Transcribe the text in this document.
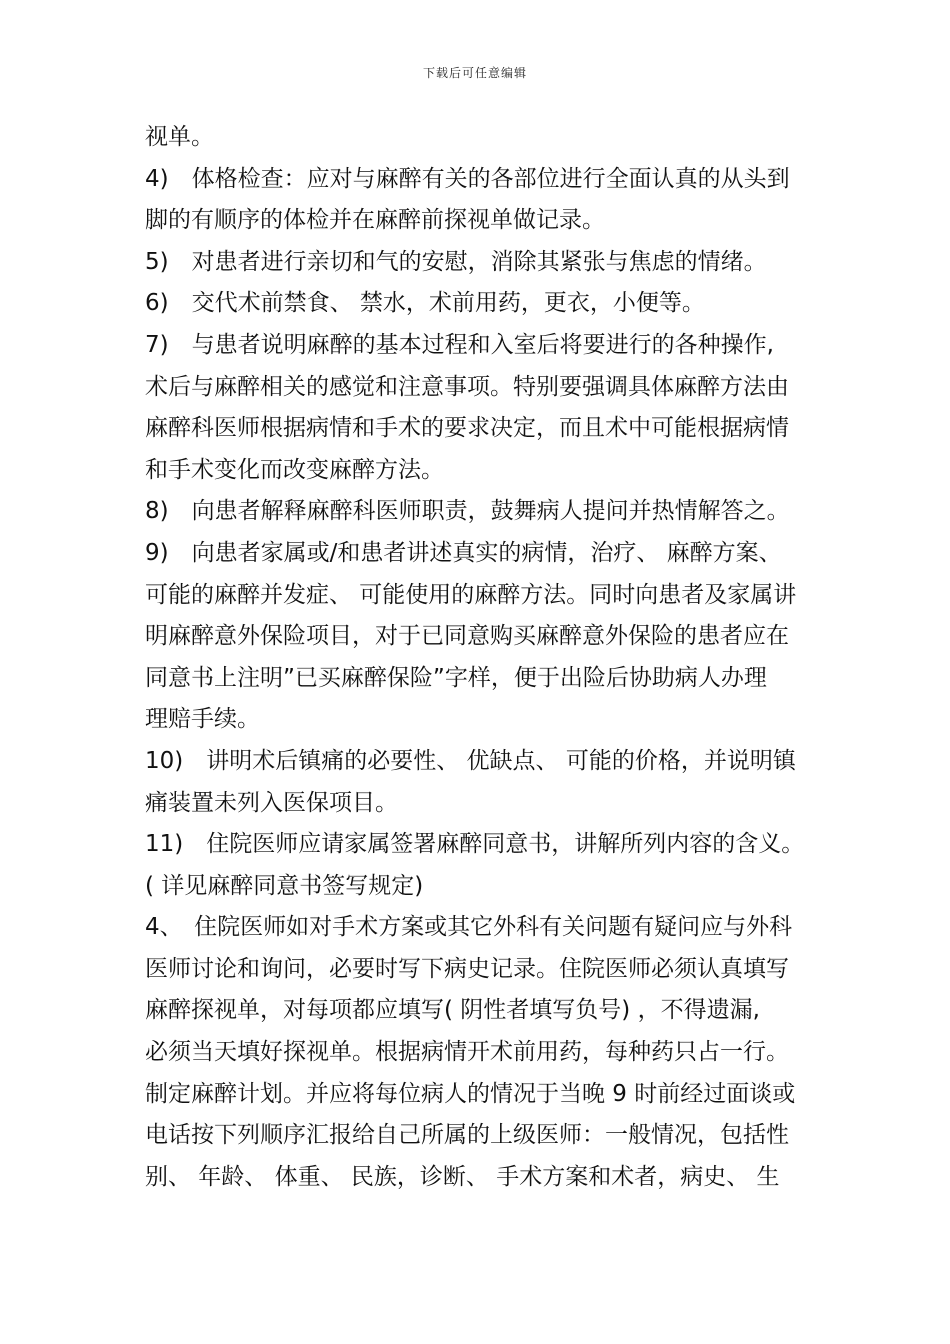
下载后可任意编辑
视单。
4)　体格检查：应对与麻醉有关的各部位进行全面认真的从头到
脚的有顺序的体检并在麻醉前探视单做记录。
5)　对患者进行亲切和气的安慰，消除其紧张与焦虑的情绪。
6)　交代术前禁食、 禁水，术前用药，更衣，小便等。
7)　与患者说明麻醉的基本过程和入室后将要进行的各种操作,
术后与麻醉相关的感觉和注意事项。特别要强调具体麻醉方法由
麻醉科医师根据病情和手术的要求决定，而且术中可能根据病情
和手术变化而改变麻醉方法。
8)　向患者解释麻醉科医师职责，鼓舞病人提问并热情解答之。
9)　向患者家属或/和患者讲述真实的病情，治疗、 麻醉方案、
可能的麻醉并发症、 可能使用的麻醉方法。同时向患者及家属讲
明麻醉意外保险项目，对于已同意购买麻醉意外保险的患者应在
同意书上注明”已买麻醉保险”字样，便于出险后协助病人办理
理赔手续。
10)　讲明术后镇痛的必要性、 优缺点、 可能的价格，并说明镇
痛装置未列入医保项目。
11)　住院医师应请家属签署麻醉同意书，讲解所列内容的含义。
( 详见麻醉同意书签写规定)
4、　住院医师如对手术方案或其它外科有关问题有疑问应与外科
医师讨论和询问，必要时写下病史记录。住院医师必须认真填写
麻醉探视单，对每项都应填写( 阴性者填写负号) ，不得遗漏,
必须当天填好探视单。根据病情开术前用药，每种药只占一行。
制定麻醉计划。并应将每位病人的情况于当晚 9 时前经过面谈或
电话按下列顺序汇报给自己所属的上级医师：一般情况，包括性
别、 年龄、 体重、 民族，诊断、 手术方案和术者，病史、 生
